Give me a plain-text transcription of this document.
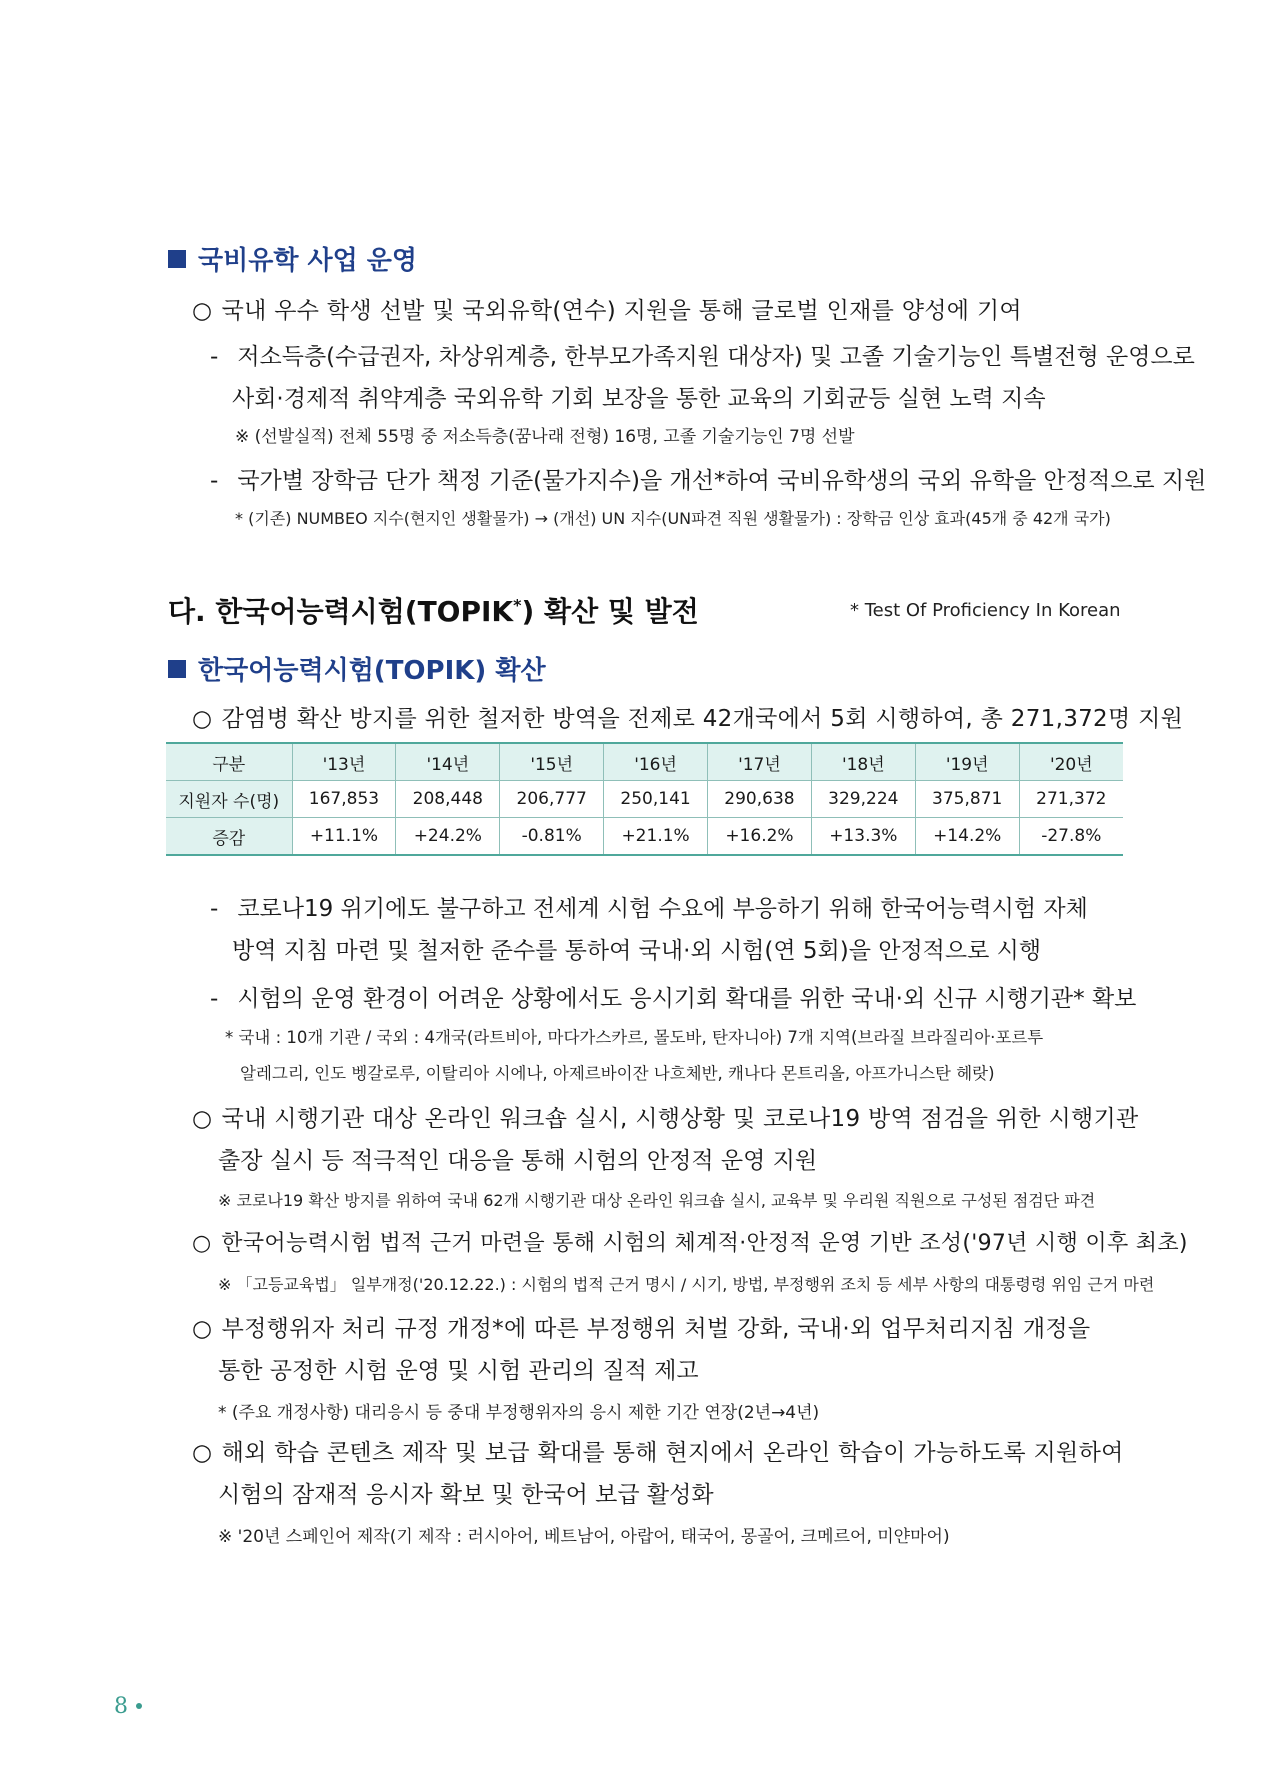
국비유학 사업 운영
○ 국내 우수 학생 선발 및 국외유학(연수) 지원을 통해 글로벌 인재를 양성에 기여
- 저소득층(수급권자, 차상위계층, 한부모가족지원 대상자) 및 고졸 기술기능인 특별전형 운영으로
사회·경제적 취약계층 국외유학 기회 보장을 통한 교육의 기회균등 실현 노력 지속
※ (선발실적) 전체 55명 중 저소득층(꿈나래 전형) 16명, 고졸 기술기능인 7명 선발
- 국가별 장학금 단가 책정 기준(물가지수)을 개선*하여 국비유학생의 국외 유학을 안정적으로 지원
* (기존) NUMBEO 지수(현지인 생활물가) → (개선) UN 지수(UN파견 직원 생활물가) : 장학금 인상 효과(45개 중 42개 국가)
다. 한국어능력시험(TOPIK*) 확산 및 발전	* Test Of Proficiency In Korean
한국어능력시험(TOPIK) 확산
○ 감염병 확산 방지를 위한 철저한 방역을 전제로 42개국에서 5회 시행하여, 총 271,372명 지원
구분	'13년	'14년	'15년	'16년	'17년	'18년	'19년	'20년
지원자 수(명)	167,853	208,448	206,777	250,141	290,638	329,224	375,871	271,372
증감	+11.1%	+24.2%	-0.81%	+21.1%	+16.2%	+13.3%	+14.2%	-27.8%
- 코로나19 위기에도 불구하고 전세계 시험 수요에 부응하기 위해 한국어능력시험 자체
방역 지침 마련 및 철저한 준수를 통하여 국내·외 시험(연 5회)을 안정적으로 시행
- 시험의 운영 환경이 어려운 상황에서도 응시기회 확대를 위한 국내·외 신규 시행기관* 확보
* 국내 : 10개 기관 / 국외 : 4개국(라트비아, 마다가스카르, 몰도바, 탄자니아) 7개 지역(브라질 브라질리아·포르투
알레그리, 인도 벵갈로루, 이탈리아 시에나, 아제르바이잔 나흐체반, 캐나다 몬트리올, 아프가니스탄 헤랏)
○ 국내 시행기관 대상 온라인 워크숍 실시, 시행상황 및 코로나19 방역 점검을 위한 시행기관
출장 실시 등 적극적인 대응을 통해 시험의 안정적 운영 지원
※ 코로나19 확산 방지를 위하여 국내 62개 시행기관 대상 온라인 워크숍 실시, 교육부 및 우리원 직원으로 구성된 점검단 파견
○ 한국어능력시험 법적 근거 마련을 통해 시험의 체계적·안정적 운영 기반 조성('97년 시행 이후 최초)
※ 「고등교육법」 일부개정('20.12.22.) : 시험의 법적 근거 명시 / 시기, 방법, 부정행위 조치 등 세부 사항의 대통령령 위임 근거 마련
○ 부정행위자 처리 규정 개정*에 따른 부정행위 처벌 강화, 국내·외 업무처리지침 개정을
통한 공정한 시험 운영 및 시험 관리의 질적 제고
* (주요 개정사항) 대리응시 등 중대 부정행위자의 응시 제한 기간 연장(2년→4년)
○ 해외 학습 콘텐츠 제작 및 보급 확대를 통해 현지에서 온라인 학습이 가능하도록 지원하여
시험의 잠재적 응시자 확보 및 한국어 보급 활성화
※ '20년 스페인어 제작(기 제작 : 러시아어, 베트남어, 아랍어, 태국어, 몽골어, 크메르어, 미얀마어)
8
